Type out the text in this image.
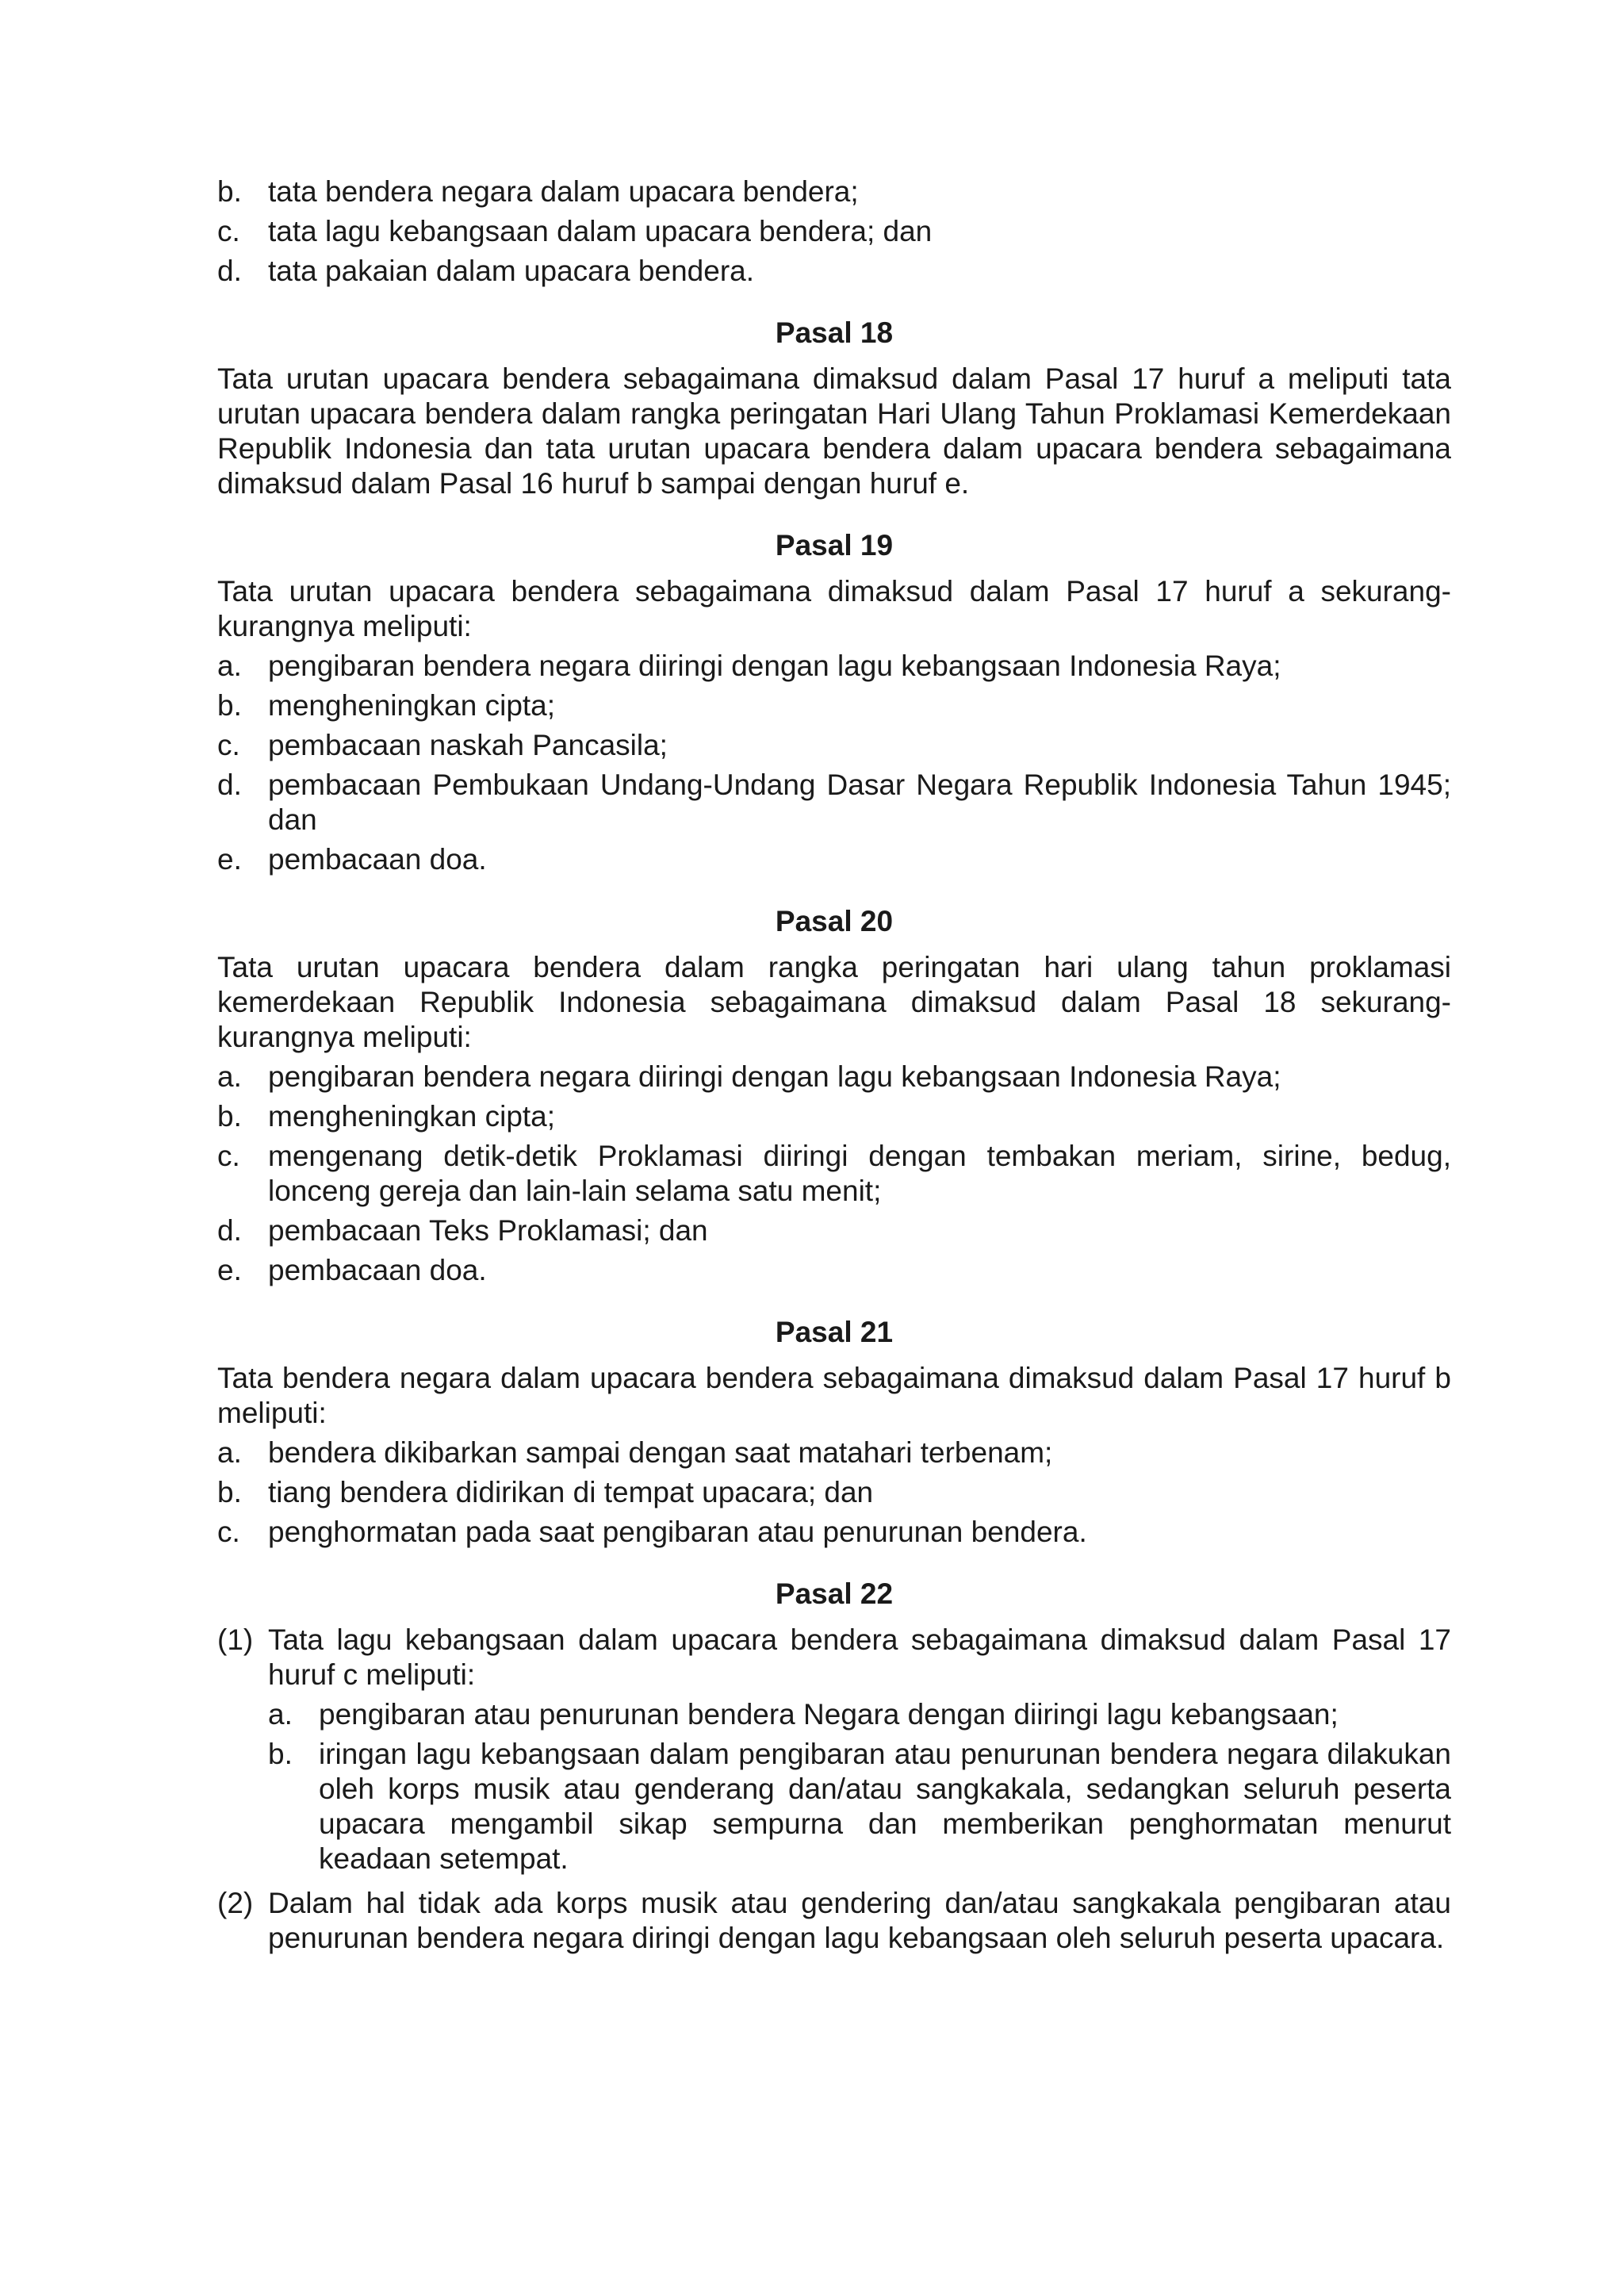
b. tata bendera negara dalam upacara bendera;
c. tata lagu kebangsaan dalam upacara bendera; dan
d. tata pakaian dalam upacara bendera.
Pasal 18
Tata urutan upacara bendera sebagaimana dimaksud dalam Pasal 17 huruf a meliputi tata urutan upacara bendera dalam rangka peringatan Hari Ulang Tahun Proklamasi Kemerdekaan Republik Indonesia dan tata urutan upacara bendera dalam upacara bendera sebagaimana dimaksud dalam Pasal 16 huruf b sampai dengan huruf e.
Pasal 19
Tata urutan upacara bendera sebagaimana dimaksud dalam Pasal 17 huruf a sekurang-kurangnya meliputi:
a. pengibaran bendera negara diiringi dengan lagu kebangsaan Indonesia Raya;
b. mengheningkan cipta;
c. pembacaan naskah Pancasila;
d. pembacaan Pembukaan Undang-Undang Dasar Negara Republik Indonesia Tahun 1945; dan
e. pembacaan doa.
Pasal 20
Tata urutan upacara bendera dalam rangka peringatan hari ulang tahun proklamasi kemerdekaan Republik Indonesia sebagaimana dimaksud dalam Pasal 18 sekurang-kurangnya meliputi:
a. pengibaran bendera negara diiringi dengan lagu kebangsaan Indonesia Raya;
b. mengheningkan cipta;
c. mengenang detik-detik Proklamasi diiringi dengan tembakan meriam, sirine, bedug, lonceng gereja dan lain-lain selama satu menit;
d. pembacaan Teks Proklamasi; dan
e. pembacaan doa.
Pasal 21
Tata bendera negara dalam upacara bendera sebagaimana dimaksud dalam Pasal 17 huruf b meliputi:
a. bendera dikibarkan sampai dengan saat matahari terbenam;
b. tiang bendera didirikan di tempat upacara; dan
c. penghormatan pada saat pengibaran atau penurunan bendera.
Pasal 22
(1) Tata lagu kebangsaan dalam upacara bendera sebagaimana dimaksud dalam Pasal 17 huruf c meliputi:
a. pengibaran atau penurunan bendera Negara dengan diiringi lagu kebangsaan;
b. iringan lagu kebangsaan dalam pengibaran atau penurunan bendera negara dilakukan oleh korps musik atau genderang dan/atau sangkakala, sedangkan seluruh peserta upacara mengambil sikap sempurna dan memberikan penghormatan menurut keadaan setempat.
(2) Dalam hal tidak ada korps musik atau gendering dan/atau sangkakala pengibaran atau penurunan bendera negara diringi dengan lagu kebangsaan oleh seluruh peserta upacara.
